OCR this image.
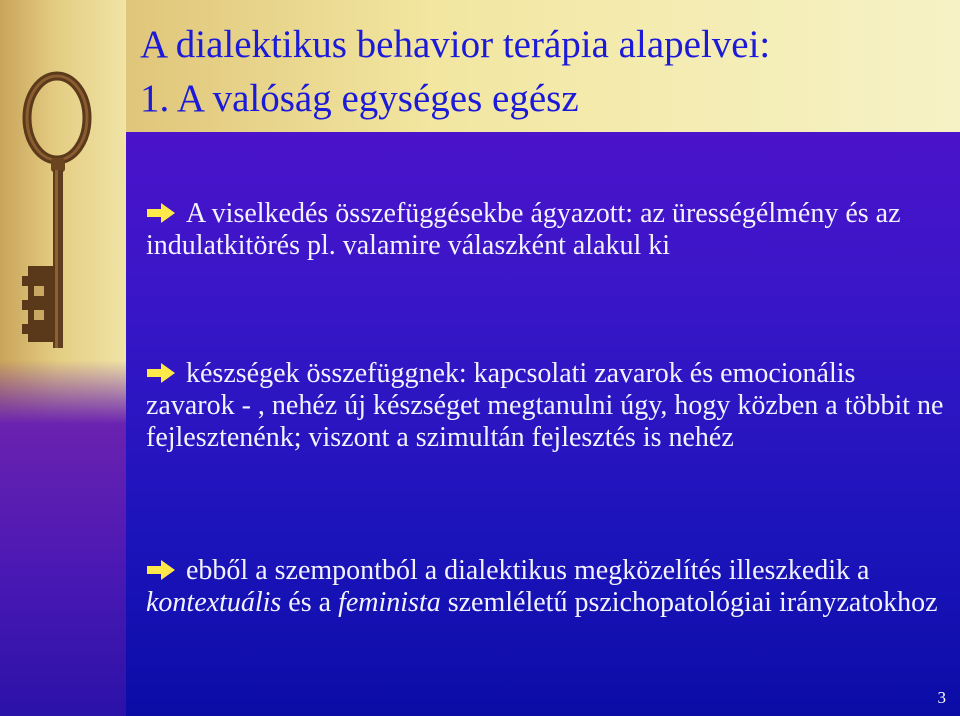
A dialektikus behavior terápia alapelvei:
1. A valóság egységes egész
A viselkedés összefüggésekbe ágyazott: az ürességélmény és az indulatkitörés pl. valamire válaszként alakul ki
készségek összefüggnek: kapcsolati zavarok és emocionális zavarok - , nehéz új készséget megtanulni úgy, hogy közben a többit ne fejlesztenénk; viszont a szimultán fejlesztés is nehéz
ebből a szempontból a dialektikus megközelítés illeszkedik a kontextuális és a feminista szemléletű pszichopatológiai irányzatokhoz
3
